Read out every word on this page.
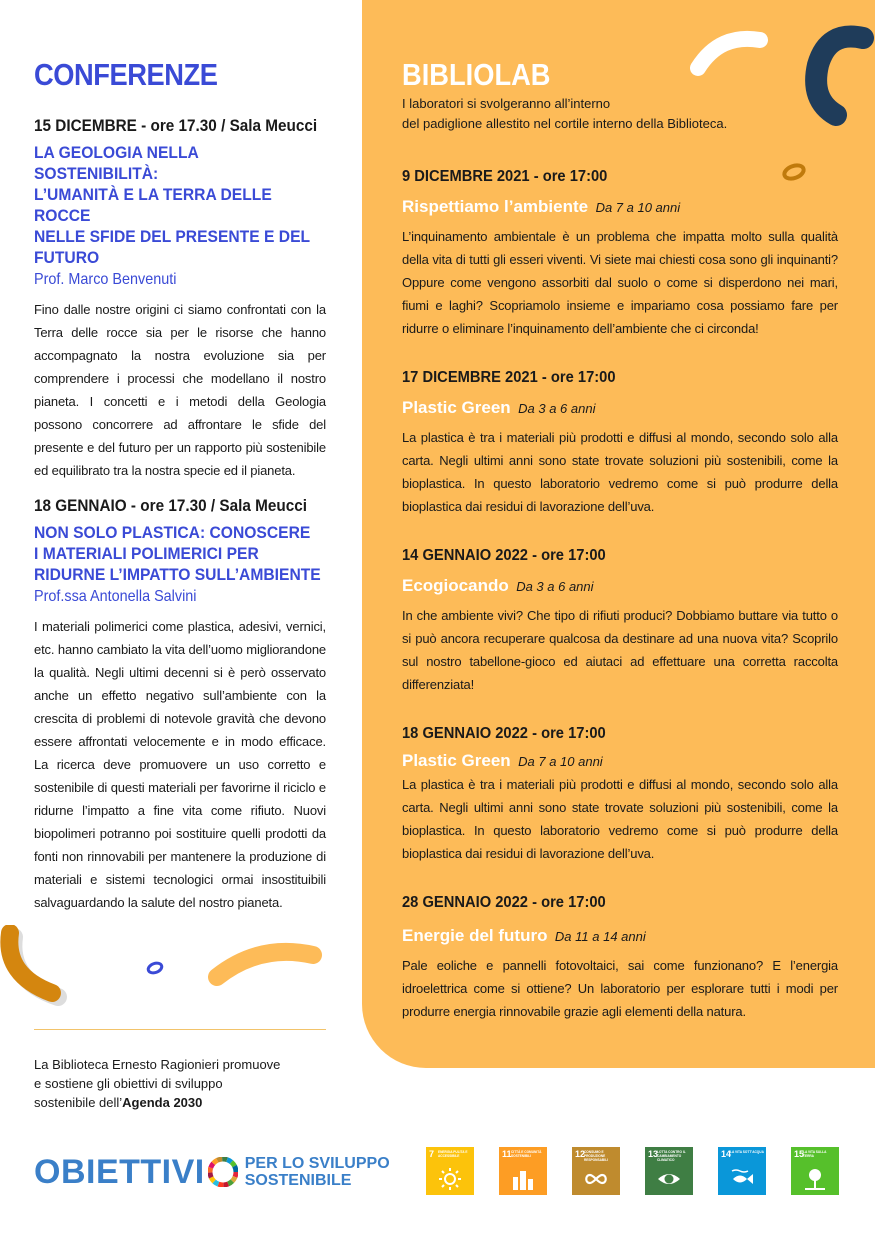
CONFERENZE
15 DICEMBRE - ore 17.30 / Sala Meucci
LA GEOLOGIA NELLA SOSTENIBILITÀ:
L’UMANITÀ E LA TERRA DELLE ROCCE
NELLE SFIDE DEL PRESENTE E DEL
FUTURO
Prof. Marco Benvenuti
Fino dalle nostre origini ci siamo confrontati con la Terra delle rocce sia per le risorse che hanno accompagnato la nostra evoluzione sia per comprendere i processi che modellano il nostro pianeta. I concetti e i metodi della Geologia possono concorrere ad affrontare le sfide del presente e del futuro per un rapporto più sostenibile ed equilibrato tra la nostra specie ed il pianeta.
18 GENNAIO - ore 17.30 / Sala Meucci
NON SOLO PLASTICA: CONOSCERE
I MATERIALI POLIMERICI PER
RIDURNE L’IMPATTO SULL’AMBIENTE
Prof.ssa Antonella Salvini
I materiali polimerici come plastica, adesivi, vernici, etc. hanno cambiato la vita dell’uomo migliorandone la qualità. Negli ultimi decenni si è però osservato anche un effetto negativo sull’ambiente con la crescita di problemi di notevole gravità che devono essere affrontati velocemente e in modo efficace. La ricerca deve promuovere un uso corretto e sostenibile di questi materiali per favorirne il riciclo e ridurne l’impatto a fine vita come rifiuto. Nuovi biopolimeri potranno poi sostituire quelli prodotti da fonti non rinnovabili per mantenere la produzione di materiali e sistemi tecnologici ormai insostituibili salvaguardando la salute del nostro pianeta.
BIBLIOLAB
I laboratori si svolgeranno all’interno
del padiglione allestito nel cortile interno della Biblioteca.
9 DICEMBRE 2021 - ore 17:00
Rispettiamo l’ambiente Da 7 a 10 anni
L’inquinamento ambientale è un problema che impatta molto sulla qualità della vita di tutti gli esseri viventi. Vi siete mai chiesti cosa sono gli inquinanti? Oppure come vengono assorbiti dal suolo o come si disperdono nei mari, fiumi e laghi? Scopriamolo insieme e impariamo cosa possiamo fare per ridurre o eliminare l’inquinamento dell’ambiente che ci circonda!
17 DICEMBRE 2021 - ore 17:00
Plastic Green Da 3 a 6 anni
La plastica è tra i materiali più prodotti e diffusi al mondo, secondo solo alla carta. Negli ultimi anni sono state trovate soluzioni più sostenibili, come la bioplastica. In questo laboratorio vedremo come si può produrre della bioplastica dai residui di lavorazione dell’uva.
14 GENNAIO 2022 - ore 17:00
Ecogiocando Da 3 a 6 anni
In che ambiente vivi? Che tipo di rifiuti produci? Dobbiamo buttare via tutto o si può ancora recuperare qualcosa da destinare ad una nuova vita? Scoprilo sul nostro tabellone-gioco ed aiutaci ad effettuare una corretta raccolta differenziata!
18 GENNAIO 2022 - ore 17:00
Plastic Green Da 7 a 10 anni
La plastica è tra i materiali più prodotti e diffusi al mondo, secondo solo alla carta. Negli ultimi anni sono state trovate soluzioni più sostenibili, come la bioplastica. In questo laboratorio vedremo come si può produrre della bioplastica dai residui di lavorazione dell’uva.
28 GENNAIO 2022 - ore 17:00
Energie del futuro Da 11 a 14 anni
Pale eoliche e pannelli fotovoltaici, sai come funzionano? E l’energia idroelettrica come si ottiene? Un laboratorio per esplorare tutti i modi per produrre energia rinnovabile grazie agli elementi della natura.
La Biblioteca Ernesto Ragionieri promuove
e sostiene gli obiettivi di sviluppo
sostenibile dell’Agenda 2030
OBIETTIVI	PER LO SVILUPPO
SOSTENIBILE
7 ENERGIA PULITA E ACCESSIBILE	11 CITTÀ E COMUNITÀ SOSTENIBILI	12
CONSUMO E PRODUZIONE RESPONSABILI
13
LOTTA CONTRO IL CAMBIAMENTO CLIMATICO
14
LA VITA SOTT’ACQUA	15
LA VITA SULLA TERRA
